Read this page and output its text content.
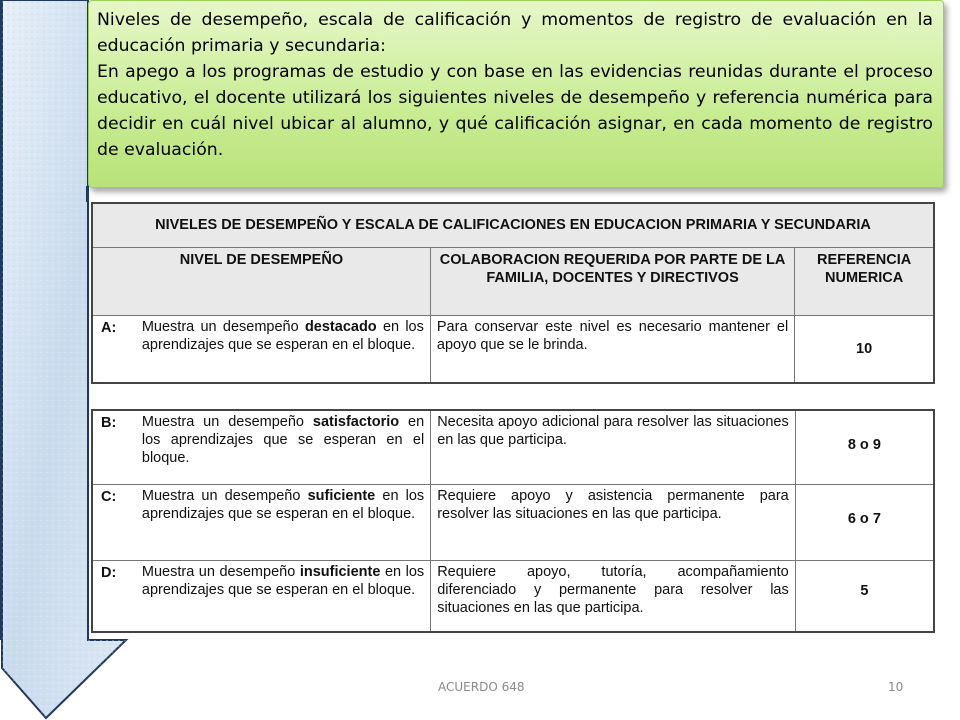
Niveles de desempeño, escala de calificación y momentos de registro de evaluación en la educación primaria y secundaria:

En apego a los programas de estudio y con base en las evidencias reunidas durante el proceso educativo, el docente utilizará los siguientes niveles de desempeño y referencia numérica para decidir en cuál nivel ubicar al alumno, y qué calificación asignar, en cada momento de registro de evaluación.

NIVELES DE DESEMPEÑO Y ESCALA DE CALIFICACIONES EN EDUCACION PRIMARIA Y SECUNDARIA			
NIVEL DE DESEMPEÑO		COLABORACION REQUERIDA POR PARTE DE LA FAMILIA, DOCENTES Y DIRECTIVOS	REFERENCIA NUMERICA
A:	Muestra un desempeño destacado en los aprendizajes que se esperan en el bloque.	Para conservar este nivel es necesario mantener el apoyo que se le brinda.	10
B:	Muestra un desempeño satisfactorio en los aprendizajes que se esperan en el bloque.	Necesita apoyo adicional para resolver las situaciones en las que participa.	8 o 9
C:	Muestra un desempeño suficiente en los aprendizajes que se esperan en el bloque.	Requiere apoyo y asistencia permanente para resolver las situaciones en las que participa.	6 o 7
D:	Muestra un desempeño insuficiente en los aprendizajes que se esperan en el bloque.	Requiere apoyo, tutoría, acompañamiento diferenciado y permanente para resolver las situaciones en las que participa.	5
ACUERDO 648	10
